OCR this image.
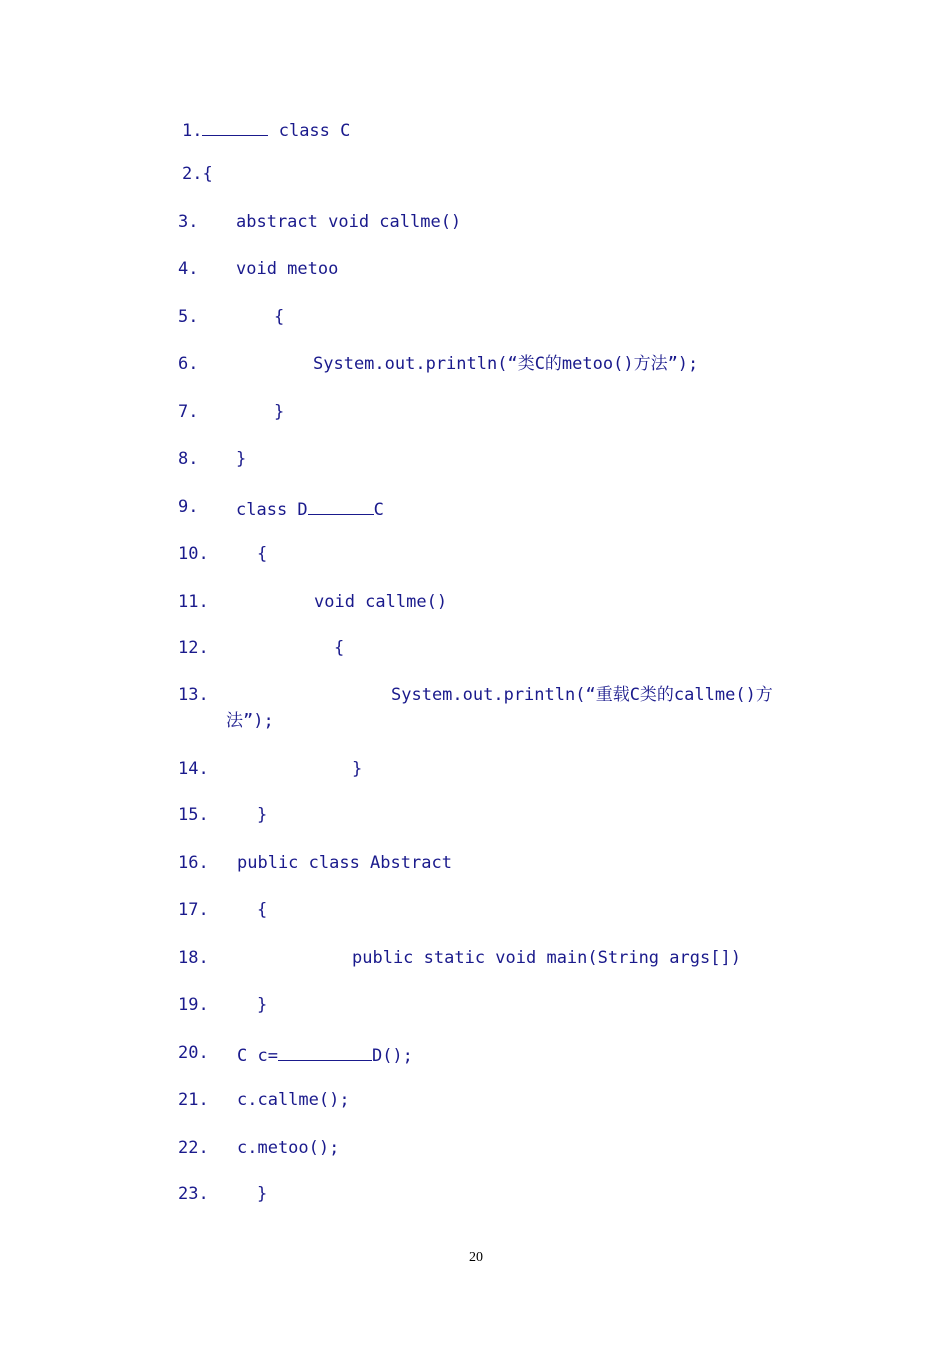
1.	class C
2.{
3. abstract void callme()
4. void metoo
5.	{
6.	System.out.println(“类C的metoo()方法”);
7.	}
8. }
9. class D	C
10.	{
11.	void callme()
12.	{
13.	System.out.println(“重载C类的callme()方
法”);
14.	}
15.	}
16. public class Abstract
17.	{
18.	public static void main(String args[])
19.	}
20. C c=	D();
21. c.callme();
22. c.metoo();
23.	}
20
